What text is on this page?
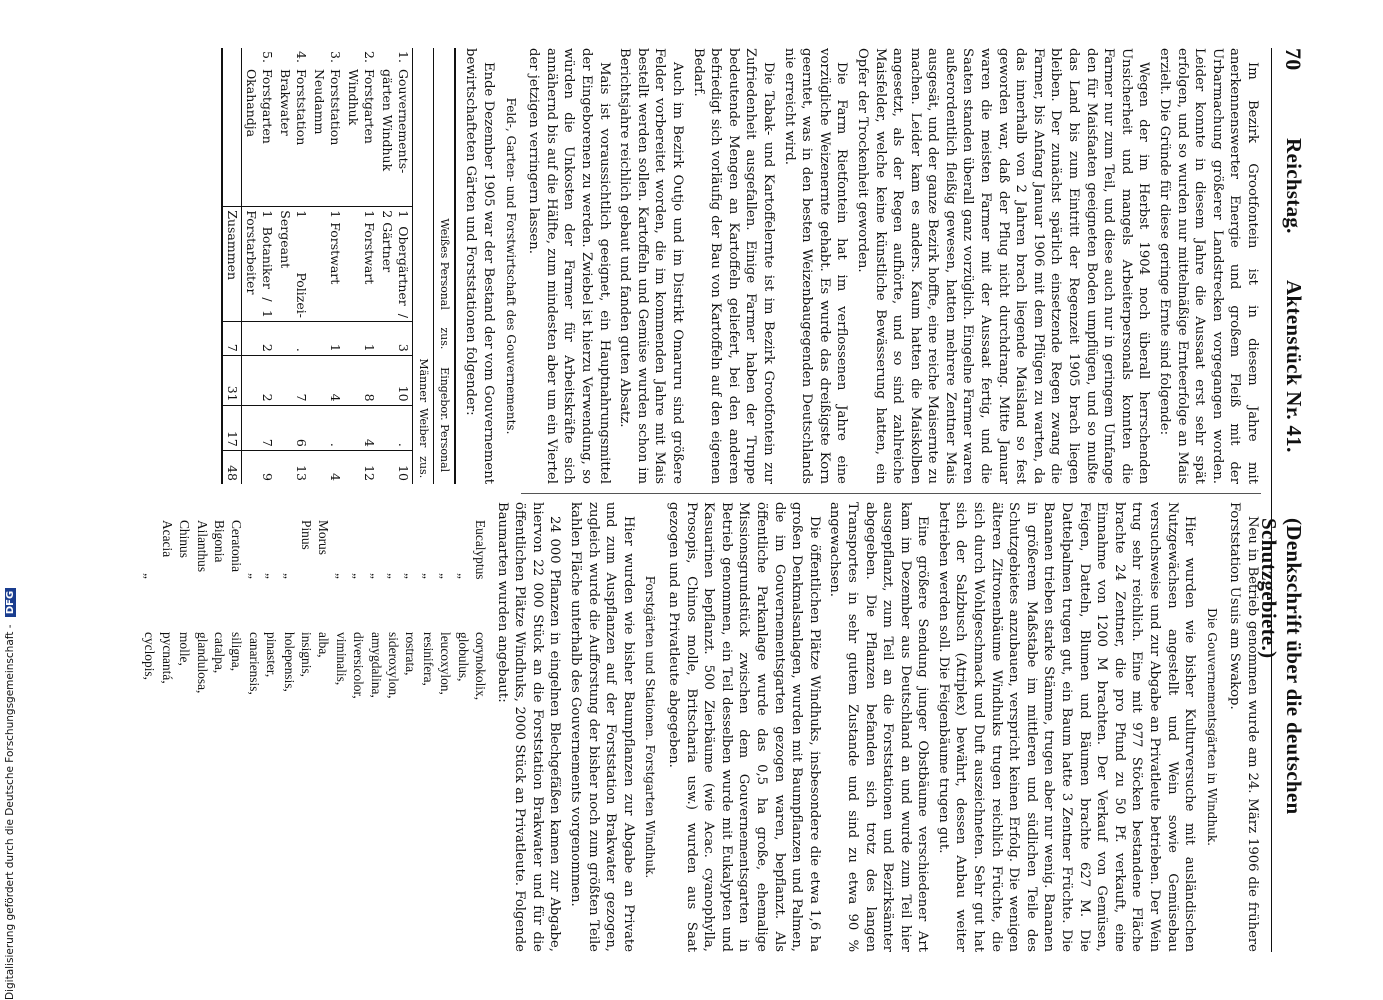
70
Reichstag.
Aktenstück Nr. 41.
(Denkschrift über die deutschen Schutzgebiete.)

Im Bezirk Grootfontein ist in diesem Jahre mit anerkennenswerter Energie und großem Fleiß mit der Urbarmachung größerer Landstrecken vorgegangen worden. Leider konnte in diesem Jahre die Aussaat erst sehr spät erfolgen, und so wurden nur mittelmäßige Ernteerfolge an Mais erzielt. Die Gründe für diese geringe Ernte sind folgende:

Wegen der im Herbst 1904 noch überall herrschenden Unsicherheit und mangels Arbeiterpersonals konnten die Farmer nur zum Teil, und diese auch nur in geringem Umfange den für Maisfaaten geeigneten Boden umpflügen, und so mußte das Land bis zum Eintritt der Regenzeit 1905 brach liegen bleiben. Der zunächst spärlich einsetzende Regen zwang die Farmer, bis Anfang Januar 1906 mit dem Pflügen zu warten, da das innerhalb von 2 Jahren brach liegende Maisland so fest geworden war, daß der Pflug nicht durchdrang. Mitte Januar waren die meisten Farmer mit der Aussaat fertig, und die Saaten standen überall ganz vorzüglich. Eingelne Farmer waren außerordentlich fleißig gewesen, hatten mehrere Zentner Mais ausgesät, und der ganze Bezirk hoffte, eine reiche Maisernte zu machen. Leider kam es anders. Kaum hatten die Maiskolben angesetzt, als der Regen aufhörte, und so sind zahlreiche Maisfelder, welche keine künstliche Bewässerung hatten, ein Opfer der Trockenheit geworden.

Die Farm Rietfontein hat im verflossenen Jahre eine vorzügliche Weizenernte gehabt. Es wurde das dreißigste Korn geerntet, was in den besten Weizenbaugegenden Deutschlands nie erreicht wird.

Die Tabak- und Kartoffelernte ist im Bezirk Grootfontein zur Zufriedenheit ausgefallen. Einige Farmer haben der Truppe bedeutende Mengen an Kartoffeln geliefert, bei den anderen befriedigt sich vorläufig der Bau von Kartoffeln auf den eigenen Bedarf.

Auch im Bezirk Outjo und im Distrikt Omaruru sind größere Felder vorbereitet worden, die im kommenden Jahre mit Mais bestellt werden sollen. Kartoffeln und Gemüse wurden schon im Berichtsjahre reichlich gebaut und fanden guten Absatz.

Mais ist voraussichtlich geeignet, ein Hauptnahrungsmittel der Eingeborenen zu werden. Zwiebel ist hierzu Verwendung, so würden die Unkosten der Farmer für Arbeitskräfte sich annähernd bis auf die Hälfte, zum mindesten aber um ein Viertel der jetzigen verringern lassen.

Feld-, Garten- und Forstwirtschaft des Gouvernements.

Ende Dezember 1905 war der Bestand der vom Gouvernement bewirtschafteten Gärten und Forststationen folgender:

		Weißes Personal	zus.	Eingebor. Personal		
				Männer	Weiber	zus.
1.	Gouvernements-gärten Windhuk	1 Obergärtner / 2 Gärtner	3	10	.	10
2.	Forstgarten Windhuk	1 Forstwart	1	8	4	12
3.	Forststation Neudamm	1 Forstwart	1	4	.	4
4.	Forststation Brakwater	1 Polizei-Sergeant	.	7	6	13
5.	Forstgarten Okahandja	1 Botaniker / 1 Forstarbeiter	2	2	7	9
		Zusammen	7	31	17	48

Neu in Betrieb genommen wurde am 24. März 1906 die frühere Forststation Usuis am Swakop.

Die Gouvernementsgärten in Windhuk.

Hier wurden wie bisher Kulturversuche mit ausländischen Nutzgewächsen angestellt und Wein sowie Gemüsebau versuchsweise und zur Abgabe an Privatleute betrieben. Der Wein trug sehr reichlich. Eine mit 977 Stöcken bestandene Fläche brachte 24 Zentner, die pro Pfund zu 50 Pf. verkauft, eine Einnahme von 1200 M brachten. Der Verkauf von Gemüsen, Feigen, Datteln, Blumen und Bäumen brachte 627 M. Die Dattelpalmen trugen gut, ein Baum hatte 3 Zentner Früchte. Die Bananen trieben starke Stämme, trugen aber nur wenig. Bananen in größerem Maßstabe im mittleren und südlichen Teile des Schutzgebietes anzubauen, verspricht keinen Erfolg. Die wenigen älteren Zitronenbäume Windhuks trugen reichlich Früchte, die sich durch Wohlgeschmack und Duft auszeichneten. Sehr gut hat sich der Salzbusch (Atriplex) bewährt, dessen Anbau weiter betrieben werden soll. Die Feigenbäume trugen gut.

Eine größere Sendung junger Obstbäume verschiedener Art kam im Dezember aus Deutschland an und wurde zum Teil hier ausgepflanzt, zum Teil an die Forststationen und Bezirksämter abgegeben. Die Pflanzen befanden sich trotz des langen Transportes in sehr gutem Zustande und sind zu etwa 90 % angewachsen.

Die öffentlichen Plätze Windhuks, insbesondere die etwa 1,6 ha großen Denkmalsanlagen, wurden mit Baumpflanzen und Palmen, die im Gouvernementsgarten gezogen waren, bepflanzt. Als öffentliche Parkanlage wurde das 0,5 ha große, ehemalige Missionsgrundstück zwischen dem Gouvernementsgarten in Betrieb genommen, ein Teil desselben wurde mit Eukalypten und Kasuarinen bepflanzt. 500 Zierbäume (wie Acac. cyanophylla, Prosopis, Chinos molle, Britscharia usw.) wurden aus Saat gezogen und an Privatleute abgegeben.

Forstgärten und Stationen. Forstgarten Windhuk.

Hier wurden wie bisher Baumpflanzen zur Abgabe an Private und zum Auspflanzen auf der Forststation Brakwater gezogen, zugleich wurde die Aufforstung der bisher noch zum größten Teile kahlen Fläche unterhalb des Gouvernements vorgenommen.

24 000 Pflanzen in eingelnen Blechgefäßen kamen zur Abgabe, hiervon 22 000 Stück an die Forststation Brakwater und für die öffentlichen Plätze Windhuks, 2000 Stück an Privatleute. Folgende Baumarten wurden angebaut:

Eucalyptus
corynokolix,
„
globulus,
„
leucoxylon,
„
resinifera,
„
rostrata,
„
sideroxylon,
„
amygdalina,
„
diversicolor,
„
viminalis,
Morus
alba,
Pinus
insignis,
„
holepensis,
„
pinaster,
„
canariensis,
Ceratonia
siligna,
Bigonia
catalpa,
Ailanthus
glandulosa,
Chinus
molle,
Acacia
pycnantá,
„
cyclopis,
Digitalisierung gefördert durch die Deutsche Forschungsgemeinschaft - DFG
